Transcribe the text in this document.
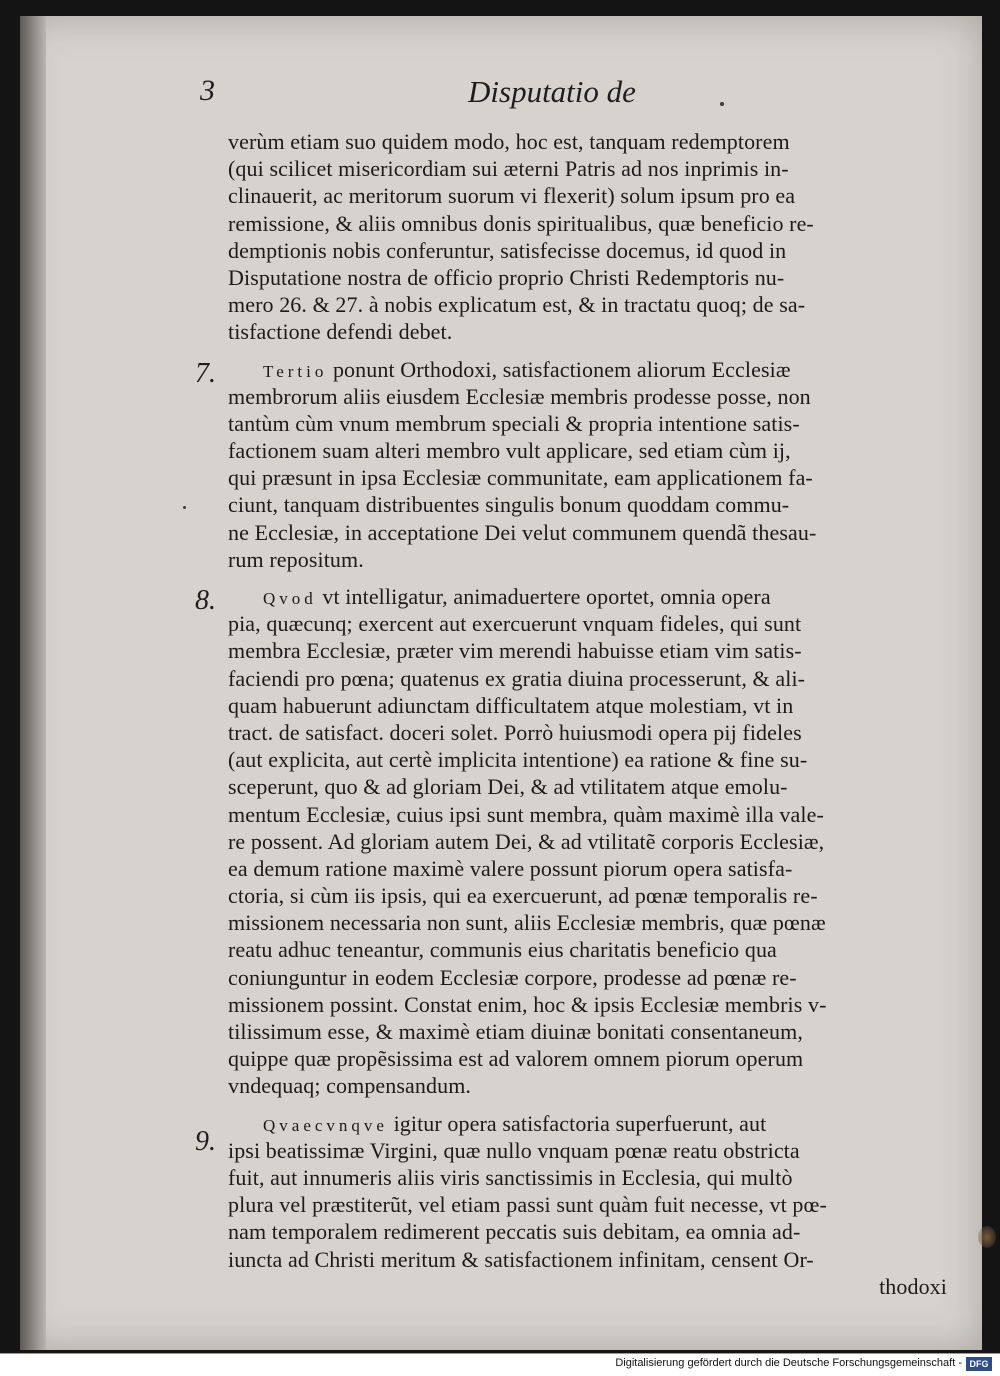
3	Disputatio de
verùm etiam suo quidem modo, hoc est, tanquam redemptorem
(qui scilicet misericordiam sui æterni Patris ad nos inprimis in-
clinauerit, ac meritorum suorum vi flexerit) solum ipsum pro ea
remissione, & aliis omnibus donis spiritualibus, quæ beneficio re-
demptionis nobis conferuntur, satisfecisse docemus, id quod in
Disputatione nostra de officio proprio Christi Redemptoris nu-
mero 26. & 27. à nobis explicatum est, & in tractatu quoq; de sa-
tisfactione defendi debet.
7.	Tertio ponunt Orthodoxi, satisfactionem aliorum Ecclesiæ
membrorum aliis eiusdem Ecclesiæ membris prodesse posse, non
tantùm cùm vnum membrum speciali & propria intentione satis-
factionem suam alteri membro vult applicare, sed etiam cùm ij,
qui præsunt in ipsa Ecclesiæ communitate, eam applicationem fa-
ciunt, tanquam distribuentes singulis bonum quoddam commu-
ne Ecclesiæ, in acceptatione Dei velut communem quendã thesau-
rum repositum.
8.	Qvod vt intelligatur, animaduertere oportet, omnia opera
pia, quæcunq; exercent aut exercuerunt vnquam fideles, qui sunt
membra Ecclesiæ, præter vim merendi habuisse etiam vim satis-
faciendi pro pœna; quatenus ex gratia diuina processerunt, & ali-
quam habuerunt adiunctam difficultatem atque molestiam, vt in
tract. de satisfact. doceri solet. Porrò huiusmodi opera pij fideles
(aut explicita, aut certè implicita intentione) ea ratione & fine su-
sceperunt, quo & ad gloriam Dei, & ad vtilitatem atque emolu-
mentum Ecclesiæ, cuius ipsi sunt membra, quàm maximè illa vale-
re possent. Ad gloriam autem Dei, & ad vtilitatẽ corporis Ecclesiæ,
ea demum ratione maximè valere possunt piorum opera satisfa-
ctoria, si cùm iis ipsis, qui ea exercuerunt, ad pœnæ temporalis re-
missionem necessaria non sunt, aliis Ecclesiæ membris, quæ pœnæ
reatu adhuc teneantur, communis eius charitatis beneficio qua
coniunguntur in eodem Ecclesiæ corpore, prodesse ad pœnæ re-
missionem possint. Constat enim, hoc & ipsis Ecclesiæ membris v-
tilissimum esse, & maximè etiam diuinæ bonitati consentaneum,
quippe quæ propẽsissima est ad valorem omnem piorum operum
vndequaq; compensandum.
9.
Qvaecvnqve igitur opera satisfactoria superfuerunt, aut
ipsi beatissimæ Virgini, quæ nullo vnquam pœnæ reatu obstricta
fuit, aut innumeris aliis viris sanctissimis in Ecclesia, qui multò
plura vel præstiterũt, vel etiam passi sunt quàm fuit necesse, vt pœ-
nam temporalem redimerent peccatis suis debitam, ea omnia ad-
iuncta ad Christi meritum & satisfactionem infinitam, censent Or-
thodoxi
Digitalisierung gefördert durch die Deutsche Forschungsgemeinschaft - DFG
